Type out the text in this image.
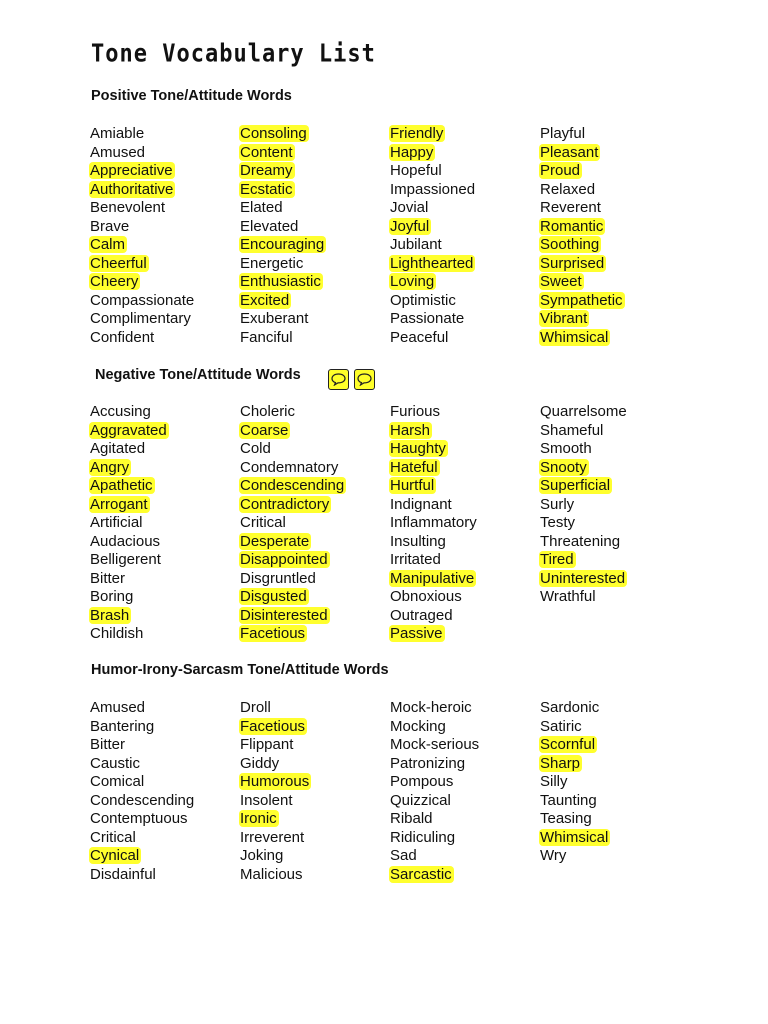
Tone Vocabulary List
Positive Tone/Attitude Words
Amiable
Amused
Appreciative
Authoritative
Benevolent
Brave
Calm
Cheerful
Cheery
Compassionate
Complimentary
Confident
Consoling
Content
Dreamy
Ecstatic
Elated
Elevated
Encouraging
Energetic
Enthusiastic
Excited
Exuberant
Fanciful
Friendly
Happy
Hopeful
Impassioned
Jovial
Joyful
Jubilant
Lighthearted
Loving
Optimistic
Passionate
Peaceful
Playful
Pleasant
Proud
Relaxed
Reverent
Romantic
Soothing
Surprised
Sweet
Sympathetic
Vibrant
Whimsical
Negative Tone/Attitude Words
Accusing
Aggravated
Agitated
Angry
Apathetic
Arrogant
Artificial
Audacious
Belligerent
Bitter
Boring
Brash
Childish
Choleric
Coarse
Cold
Condemnatory
Condescending
Contradictory
Critical
Desperate
Disappointed
Disgruntled
Disgusted
Disinterested
Facetious
Furious
Harsh
Haughty
Hateful
Hurtful
Indignant
Inflammatory
Insulting
Irritated
Manipulative
Obnoxious
Outraged
Passive
Quarrelsome
Shameful
Smooth
Snooty
Superficial
Surly
Testy
Threatening
Tired
Uninterested
Wrathful
Humor-Irony-Sarcasm Tone/Attitude Words
Amused
Bantering
Bitter
Caustic
Comical
Condescending
Contemptuous
Critical
Cynical
Disdainful
Droll
Facetious
Flippant
Giddy
Humorous
Insolent
Ironic
Irreverent
Joking
Malicious
Mock-heroic
Mocking
Mock-serious
Patronizing
Pompous
Quizzical
Ribald
Ridiculing
Sad
Sarcastic
Sardonic
Satiric
Scornful
Sharp
Silly
Taunting
Teasing
Whimsical
Wry
